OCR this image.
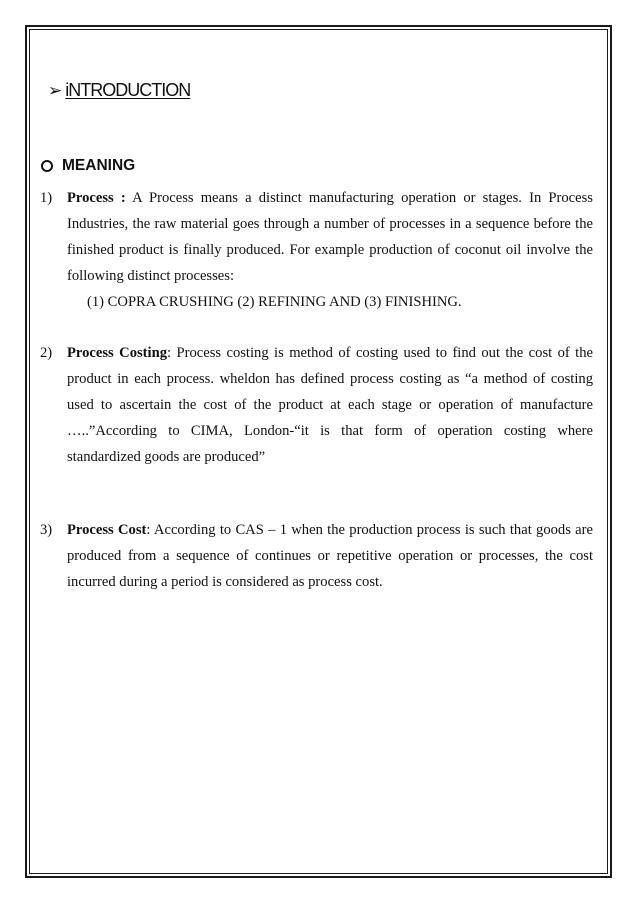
➢ iNTRODUCTION
MEANING
1) Process : A Process means a distinct manufacturing operation or stages. In Process Industries, the raw material goes through a number of processes in a sequence before the finished product is finally produced. For example production of coconut oil involve the following distinct processes:
(1) COPRA CRUSHING (2) REFINING AND (3) FINISHING.
2) Process Costing: Process costing is method of costing used to find out the cost of the product in each process. wheldon has defined process costing as “a method of costing used to ascertain the cost of the product at each stage or operation of manufacture …..”According to CIMA, London-“it is that form of operation costing where standardized goods are produced”
3) Process Cost: According to CAS – 1 when the production process is such that goods are produced from a sequence of continues or repetitive operation or processes, the cost incurred during a period is considered as process cost.
